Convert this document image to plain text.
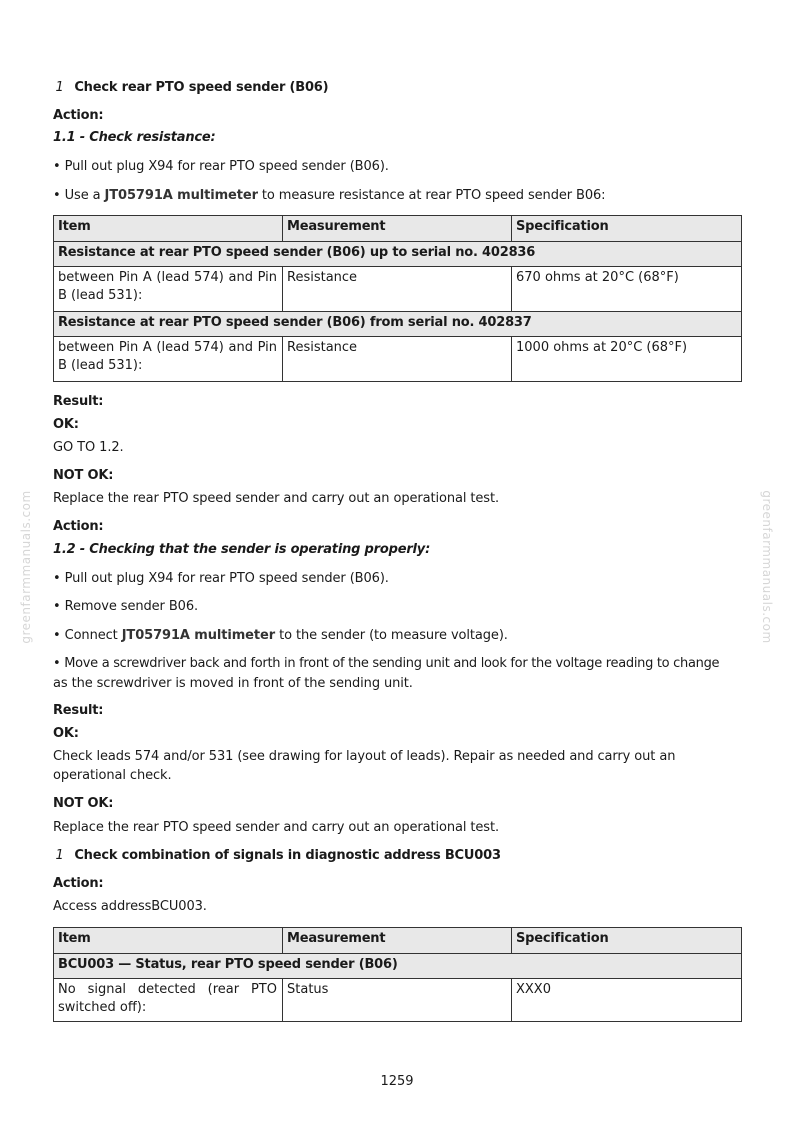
greenfarmmanuals.com	greenfarmmanuals.com
1 Check rear PTO speed sender (B06)
Action:
1.1 - Check resistance:
• Pull out plug X94 for rear PTO speed sender (B06).
• Use a JT05791A multimeter to measure resistance at rear PTO speed sender B06:
Item	Measurement	Specification
Resistance at rear PTO speed sender (B06) up to serial no. 402836		
between Pin A (lead 574) and Pin B (lead 531):	Resistance	670 ohms at 20°C (68°F)
Resistance at rear PTO speed sender (B06) from serial no. 402837		
between Pin A (lead 574) and Pin B (lead 531):	Resistance	1000 ohms at 20°C (68°F)
Result:
OK:
GO TO 1.2.
NOT OK:
Replace the rear PTO speed sender and carry out an operational test.
Action:
1.2 - Checking that the sender is operating properly:
• Pull out plug X94 for rear PTO speed sender (B06).
• Remove sender B06.
• Connect JT05791A multimeter to the sender (to measure voltage).
• Move a screwdriver back and forth in front of the sending unit and look for the voltage reading to change
as the screwdriver is moved in front of the sending unit.
Result:
OK:
Check leads 574 and/or 531 (see drawing for layout of leads). Repair as needed and carry out an
operational check.
NOT OK:
Replace the rear PTO speed sender and carry out an operational test.
1 Check combination of signals in diagnostic address BCU003
Action:
Access addressBCU003.
Item	Measurement	Specification
BCU003 — Status, rear PTO speed sender (B06)		
No signal detected (rear PTO switched off):	Status	XXX0
1259
